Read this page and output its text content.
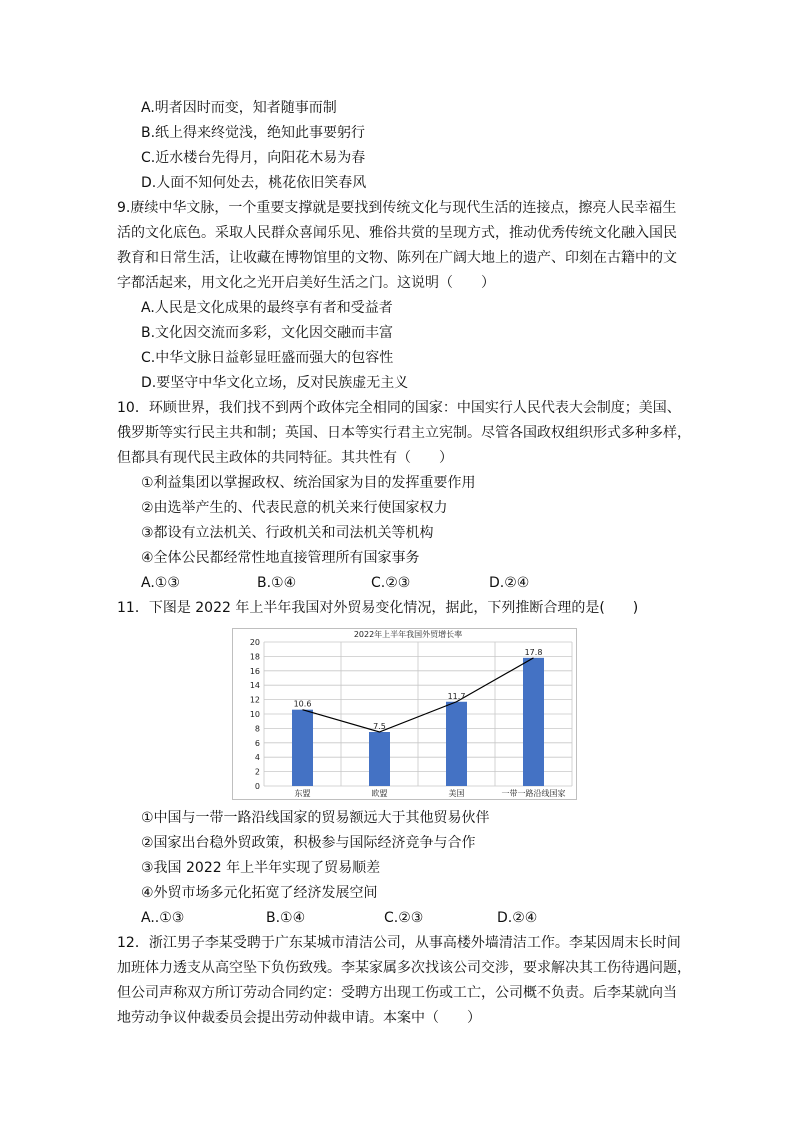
A.明者因时而变，知者随事而制
B.纸上得来终觉浅，绝知此事要躬行
C.近水楼台先得月，向阳花木易为春
D.人面不知何处去，桃花依旧笑春风
9.赓续中华文脉，一个重要支撑就是要找到传统文化与现代生活的连接点，擦亮人民幸福生
活的文化底色。采取人民群众喜闻乐见、雅俗共赏的呈现方式，推动优秀传统文化融入国民
教育和日常生活，让收藏在博物馆里的文物、陈列在广阔大地上的遗产、印刻在古籍中的文
字都活起来，用文化之光开启美好生活之门。这说明（　　）
A.人民是文化成果的最终享有者和受益者
B.文化因交流而多彩，文化因交融而丰富
C.中华文脉日益彰显旺盛而强大的包容性
D.要坚守中华文化立场，反对民族虚无主义
10．环顾世界，我们找不到两个政体完全相同的国家：中国实行人民代表大会制度；美国、
俄罗斯等实行民主共和制；英国、日本等实行君主立宪制。尽管各国政权组织形式多种多样，
但都具有现代民主政体的共同特征。其共性有（　　）
①利益集团以掌握政权、统治国家为目的发挥重要作用
②由选举产生的、代表民意的机关来行使国家权力
③都设有立法机关、行政机关和司法机关等机构
④全体公民都经常性地直接管理所有国家事务
A.①③	B.①④	C.②③	D.②④
11．下图是 2022 年上半年我国对外贸易变化情况，据此，下列推断合理的是(　　)
2022年上半年我国外贸增长率
0
2
4
6
8
10
12
14
16
18
20
10.6
7.5
11.7
17.8
东盟	欧盟	美国	一带一路沿线国家
①中国与一带一路沿线国家的贸易额远大于其他贸易伙伴
②国家出台稳外贸政策，积极参与国际经济竞争与合作
③我国 2022 年上半年实现了贸易顺差
④外贸市场多元化拓宽了经济发展空间
A..①③	B.①④	C.②③	D.②④
12．浙江男子李某受聘于广东某城市清洁公司，从事高楼外墙清洁工作。李某因周末长时间
加班体力透支从高空坠下负伤致残。李某家属多次找该公司交涉，要求解决其工伤待遇问题，
但公司声称双方所订劳动合同约定：受聘方出现工伤或工亡，公司概不负责。后李某就向当
地劳动争议仲裁委员会提出劳动仲裁申请。本案中（　　）
